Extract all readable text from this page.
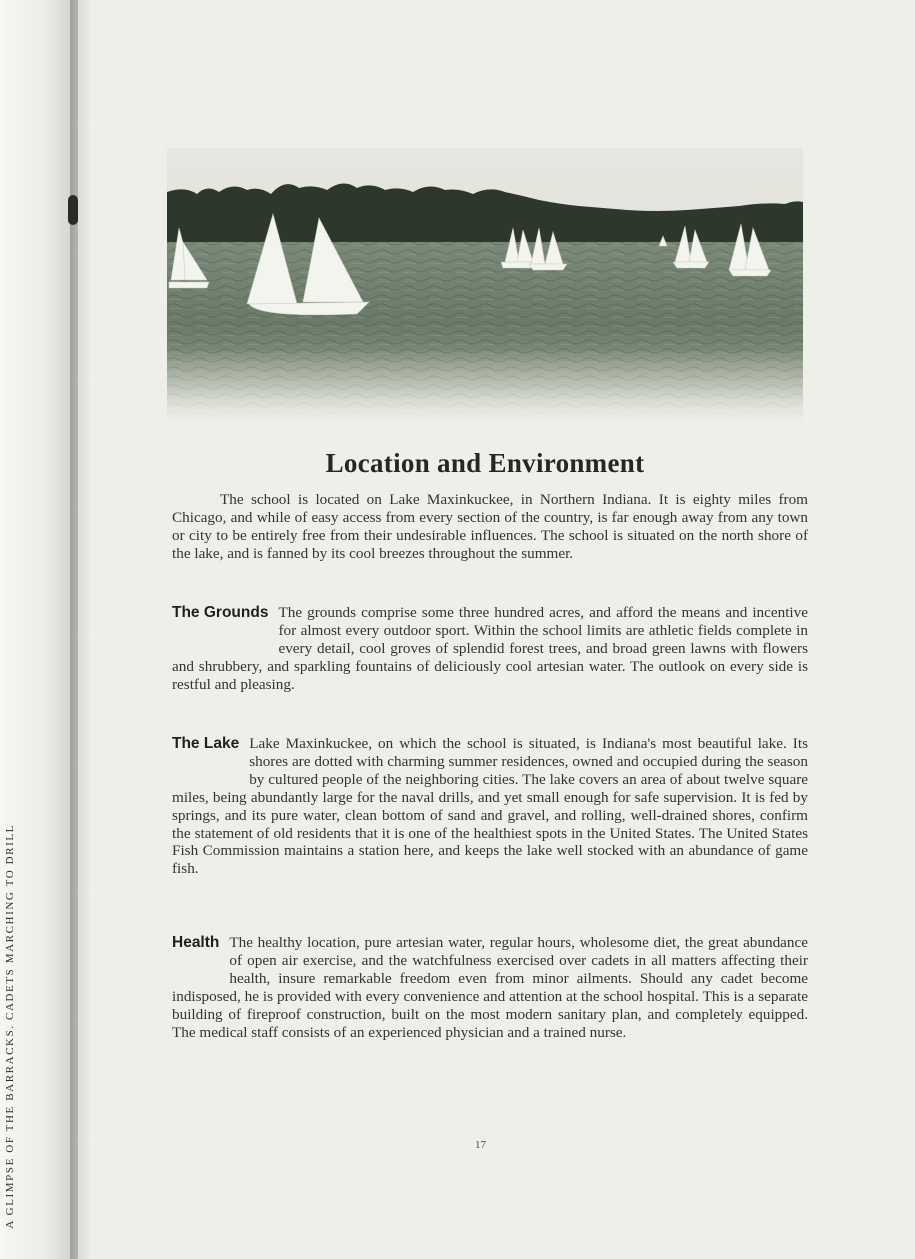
A GLIMPSE OF THE BARRACKS. CADETS MARCHING TO DRILL
Location and Environment

The school is located on Lake Maxinkuckee, in Northern Indiana. It is eighty miles from Chicago, and while of easy access from every section of the country, is far enough away from any town or city to be entirely free from their undesirable influences. The school is situated on the north shore of the lake, and is fanned by its cool breezes throughout the summer.

The Grounds The grounds comprise some three hundred acres, and afford the means and incentive for almost every outdoor sport. Within the school limits are athletic fields complete in every detail, cool groves of splendid forest trees, and broad green lawns with flowers and shrubbery, and sparkling fountains of deliciously cool artesian water. The outlook on every side is restful and pleasing.

The Lake Lake Maxinkuckee, on which the school is situated, is Indiana's most beautiful lake. Its shores are dotted with charming summer residences, owned and occupied during the season by cultured people of the neighboring cities. The lake covers an area of about twelve square miles, being abundantly large for the naval drills, and yet small enough for safe supervision. It is fed by springs, and its pure water, clean bottom of sand and gravel, and rolling, well-drained shores, confirm the statement of old residents that it is one of the healthiest spots in the United States. The United States Fish Commission maintains a station here, and keeps the lake well stocked with an abundance of game fish.

Health The healthy location, pure artesian water, regular hours, wholesome diet, the great abundance of open air exercise, and the watchfulness exercised over cadets in all matters affecting their health, insure remarkable freedom even from minor ailments. Should any cadet become indisposed, he is provided with every convenience and attention at the school hospital. This is a separate building of fireproof construction, built on the most modern sanitary plan, and completely equipped. The medical staff consists of an experienced physician and a trained nurse.

17
